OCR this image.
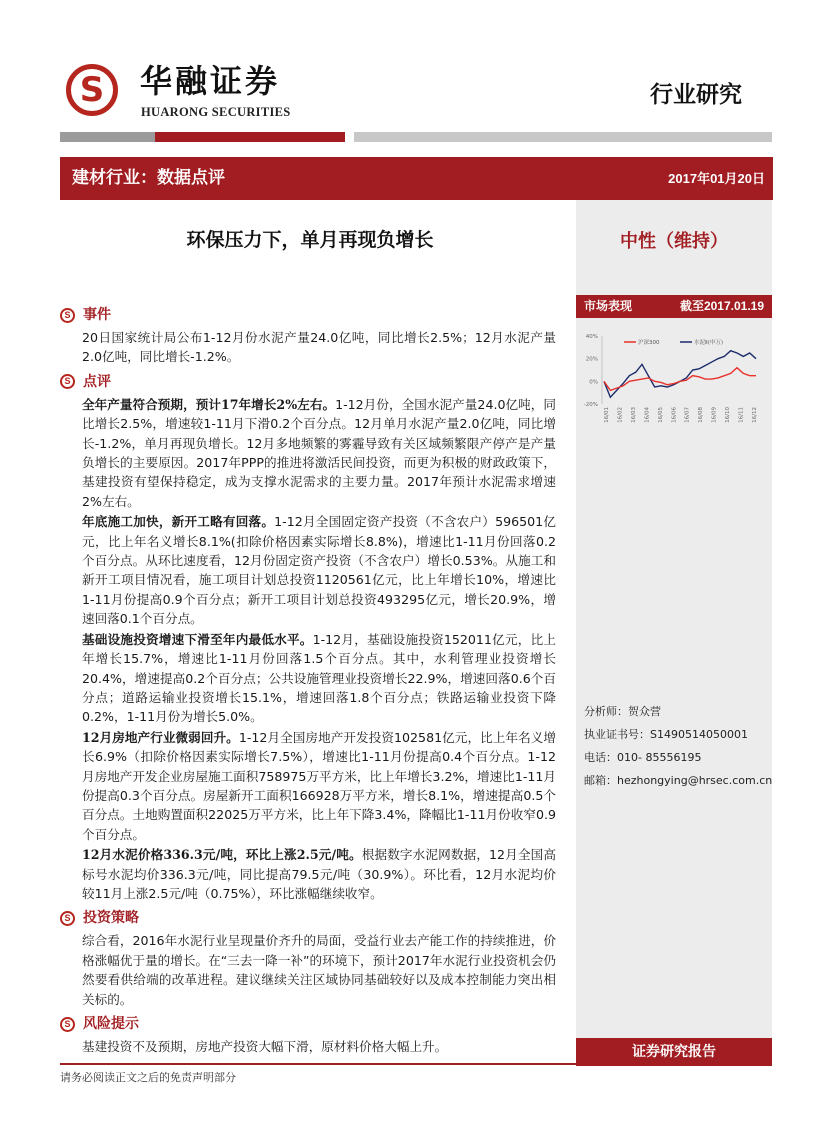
S 华融证券
HUARONG SECURITIES
行业研究
建材行业：数据点评	2017年01月20日
中性（维持）
环保压力下，单月再现负增长
市场表现	截至2017.01.19
-20%
0%
20%
40%
16/01 16/02 16/03 16/04 16/05 16/06 16/07 16/08 16/09 16/10 16/11 16/12
沪深300	水泥Ⅱ(申万)
分析师：贺众营
执业证书号：S1490514050001
电话：010- 85556195
邮箱：hezhongying@hrsec.com.cn
S 事件
20日国家统计局公布1-12月份水泥产量24.0亿吨，同比增长2.5%；12月水泥产量2.0亿吨，同比增长-1.2%。
S 点评
全年产量符合预期，预计17年增长2%左右。1-12月份，全国水泥产量24.0亿吨，同比增长2.5%，增速较1-11月下滑0.2个百分点。12月单月水泥产量2.0亿吨，同比增长-1.2%，单月再现负增长。12月多地频繁的雾霾导致有关区域频繁限产停产是产量负增长的主要原因。2017年PPP的推进将激活民间投资，而更为积极的财政政策下，基建投资有望保持稳定，成为支撑水泥需求的主要力量。2017年预计水泥需求增速2%左右。
年底施工加快，新开工略有回落。1-12月全国固定资产投资（不含农户）596501亿元，比上年名义增长8.1%(扣除价格因素实际增长8.8%)，增速比1-11月份回落0.2个百分点。从环比速度看，12月份固定资产投资（不含农户）增长0.53%。从施工和新开工项目情况看，施工项目计划总投资1120561亿元，比上年增长10%，增速比1-11月份提高0.9个百分点；新开工项目计划总投资493295亿元，增长20.9%，增速回落0.1个百分点。
基础设施投资增速下滑至年内最低水平。1-12月，基础设施投资152011亿元，比上年增长15.7%，增速比1-11月份回落1.5个百分点。其中，水利管理业投资增长20.4%，增速提高0.2个百分点；公共设施管理业投资增长22.9%，增速回落0.6个百分点；道路运输业投资增长15.1%，增速回落1.8个百分点；铁路运输业投资下降0.2%，1-11月份为增长5.0%。
12月房地产行业微弱回升。1-12月全国房地产开发投资102581亿元，比上年名义增长6.9%（扣除价格因素实际增长7.5%），增速比1-11月份提高0.4个百分点。1-12月房地产开发企业房屋施工面积758975万平方米，比上年增长3.2%，增速比1-11月份提高0.3个百分点。房屋新开工面积166928万平方米，增长8.1%，增速提高0.5个百分点。土地购置面积22025万平方米，比上年下降3.4%，降幅比1-11月份收窄0.9个百分点。
12月水泥价格336.3元/吨，环比上涨2.5元/吨。根据数字水泥网数据，12月全国高标号水泥均价336.3元/吨，同比提高79.5元/吨（30.9%）。环比看，12月水泥均价较11月上涨2.5元/吨（0.75%），环比涨幅继续收窄。
S 投资策略
综合看，2016年水泥行业呈现量价齐升的局面，受益行业去产能工作的持续推进，价格涨幅优于量的增长。在“三去一降一补”的环境下，预计2017年水泥行业投资机会仍然要看供给端的改革进程。建议继续关注区域协同基础较好以及成本控制能力突出相关标的。
S 风险提示
基建投资不及预期，房地产投资大幅下滑，原材料价格大幅上升。	证券研究报告
请务必阅读正文之后的免责声明部分
